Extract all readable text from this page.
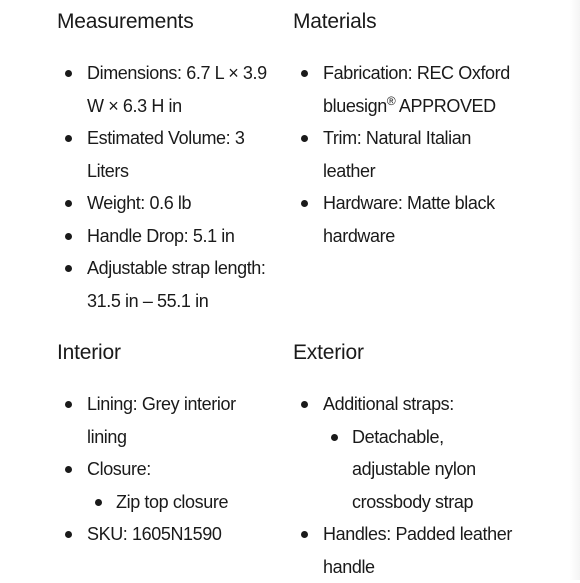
Measurements
Dimensions: 6.7 L × 3.9 W × 6.3 H in
Estimated Volume: 3 Liters
Weight: 0.6 lb
Handle Drop: 5.1 in
Adjustable strap length: 31.5 in – 55.1 in
Materials
Fabrication: REC Oxford bluesign® APPROVED
Trim: Natural Italian leather
Hardware: Matte black hardware
Interior
Lining: Grey interior lining
Closure:
Zip top closure
SKU: 1605N1590
Exterior
Additional straps:
Detachable, adjustable nylon crossbody strap
Handles: Padded leather handle
